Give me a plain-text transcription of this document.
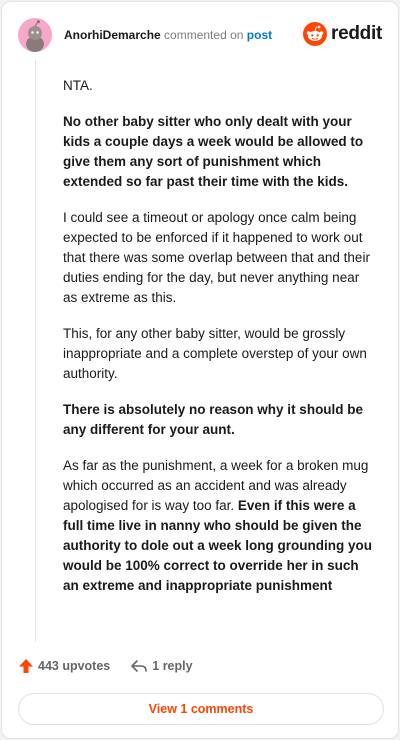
AnorhiDemarche commented on post	reddit

NTA.

No other baby sitter who only dealt with your kids a couple days a week would be allowed to give them any sort of punishment which extended so far past their time with the kids.

I could see a timeout or apology once calm being expected to be enforced if it happened to work out that there was some overlap between that and their duties ending for the day, but never anything near as extreme as this.

This, for any other baby sitter, would be grossly inappropriate and a complete overstep of your own authority.

There is absolutely no reason why it should be any different for your aunt.

As far as the punishment, a week for a broken mug which occurred as an accident and was already apologised for is way too far. Even if this were a full time live in nanny who should be given the authority to dole out a week long grounding you would be 100% correct to override her in such an extreme and inappropriate punishment

443 upvotes	1 reply
View 1 comments
